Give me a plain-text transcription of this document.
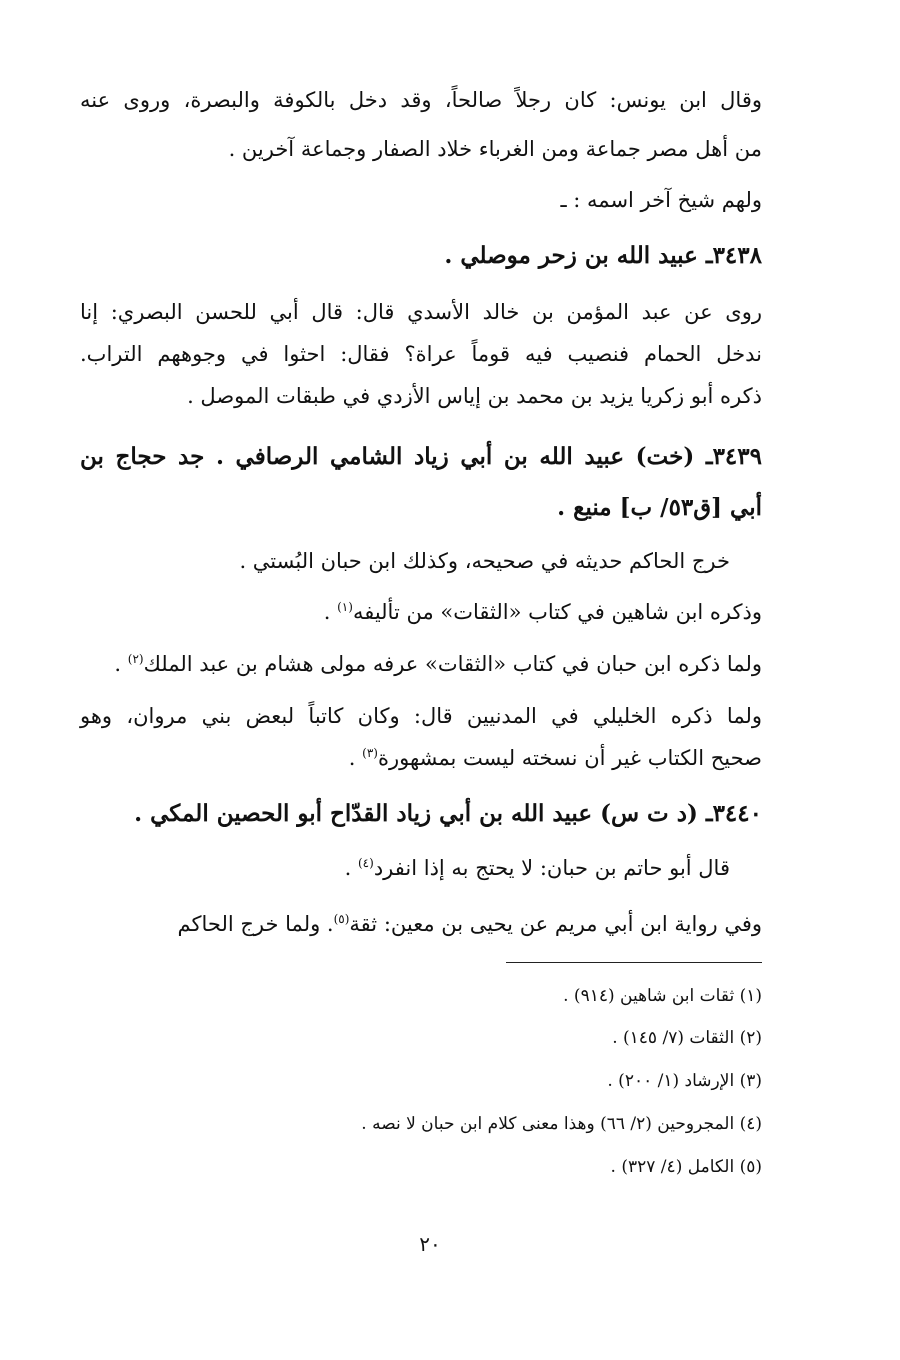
وقال ابن يونس: كان رجلاً صالحاً، وقد دخل بالكوفة والبصرة، وروى عنه
من أهل مصر جماعة ومن الغرباء خلاد الصفار وجماعة آخرين .
ولهم شيخ آخر اسمه : ـ
٣٤٣٨ـ عبيد الله بن زحر موصلي .
روى عن عبد المؤمن بن خالد الأسدي قال: قال أبي للحسن البصري: إنا
ندخل الحمام فنصيب فيه قوماً عراة؟ فقال: احثوا في وجوههم التراب.
ذكره أبو زكريا يزيد بن محمد بن إياس الأزدي في طبقات الموصل .
٣٤٣٩ـ (خت) عبيد الله بن أبي زياد الشامي الرصافي . جد حجاج بن
أبي [ق٥٣/ ب] منيع .
خرج الحاكم حديثه في صحيحه، وكذلك ابن حبان البُستي .
وذكره ابن شاهين في كتاب «الثقات» من تأليفه$^{(١)}$ .
ولما ذكره ابن حبان في كتاب «الثقات» عرفه مولى هشام بن عبد الملك$^{(٢)}$ .
ولما ذكره الخليلي في المدنيين قال: وكان كاتباً لبعض بني مروان، وهو
صحيح الكتاب غير أن نسخته ليست بمشهورة$^{(٣)}$ .
٣٤٤٠ـ (د ت س) عبيد الله بن أبي زياد القدّاح أبو الحصين المكي .
قال أبو حاتم بن حبان: لا يحتج به إذا انفرد$^{(٤)}$ .
وفي رواية ابن أبي مريم عن يحيى بن معين: ثقة$^{(٥)}$. ولما خرج الحاكم
(١) ثقات ابن شاهين (٩١٤) .
(٢) الثقات (٧/ ١٤٥) .
(٣) الإرشاد (١/ ٢٠٠) .
(٤) المجروحين (٢/ ٦٦) وهذا معنى كلام ابن حبان لا نصه .
(٥) الكامل (٤/ ٣٢٧) .
٢٠
